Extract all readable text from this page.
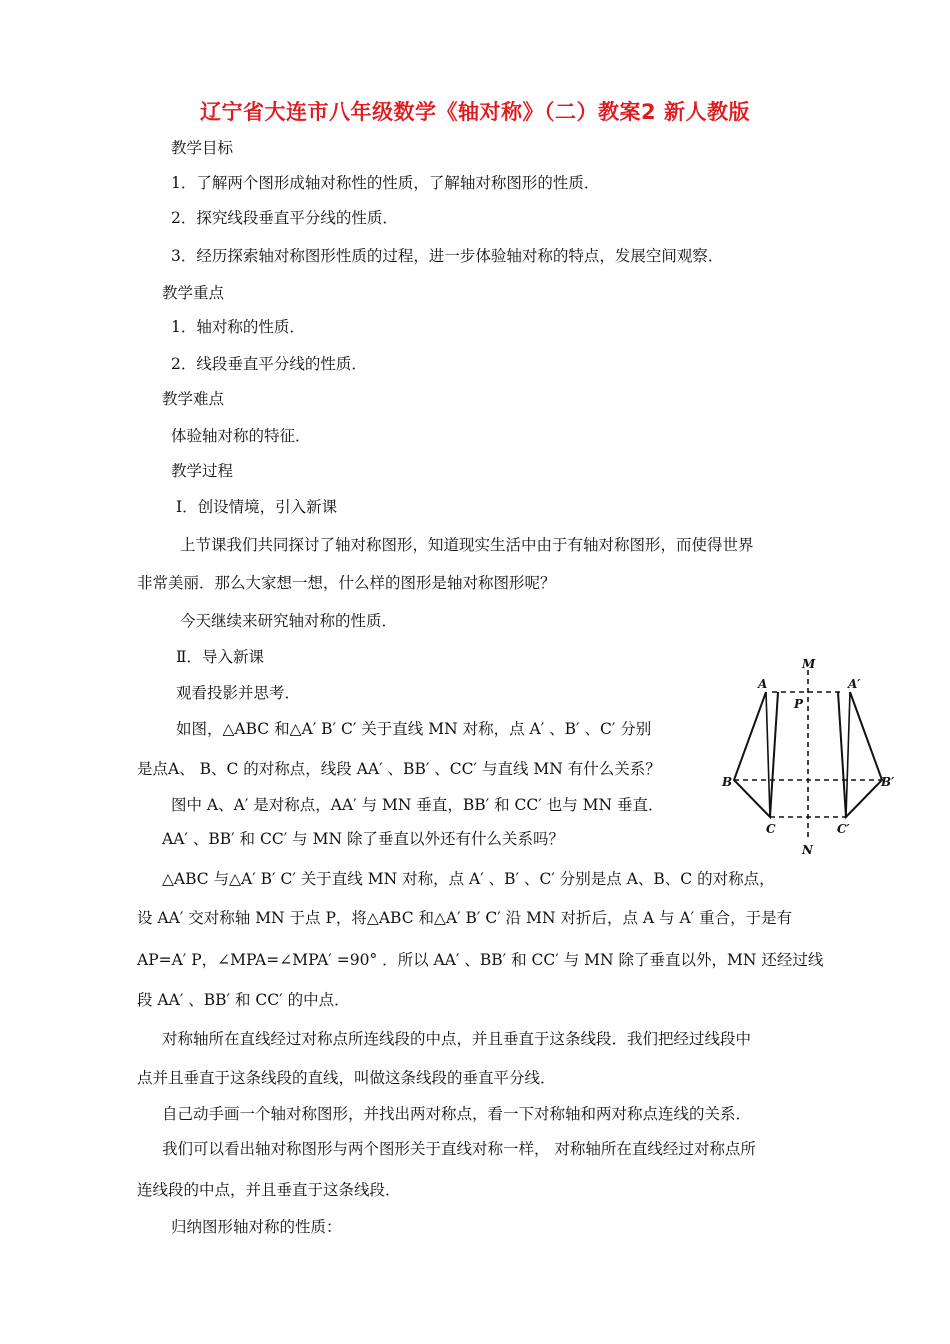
辽宁省大连市八年级数学《轴对称》（二）教案2 新人教版
教学目标
1．了解两个图形成轴对称性的性质，了解轴对称图形的性质．
2．探究线段垂直平分线的性质．
3．经历探索轴对称图形性质的过程，进一步体验轴对称的特点，发展空间观察．
教学重点
1．轴对称的性质．
2．线段垂直平分线的性质．
教学难点
体验轴对称的特征．
教学过程
Ⅰ．创设情境，引入新课
上节课我们共同探讨了轴对称图形，知道现实生活中由于有轴对称图形，而使得世界
非常美丽．那么大家想一想，什么样的图形是轴对称图形呢？
今天继续来研究轴对称的性质．
Ⅱ．导入新课
观看投影并思考．
如图，△ABC 和△A′ B′ C′ 关于直线 MN 对称，点 A′ 、B′ 、C′ 分别
是点A、 B、C 的对称点，线段 AA′ 、BB′ 、CC′ 与直线 MN 有什么关系？
图中 A、A′ 是对称点，AA′ 与 MN 垂直，BB′ 和 CC′ 也与 MN 垂直．
AA′ 、BB′ 和 CC′ 与 MN 除了垂直以外还有什么关系吗？
△ABC 与△A′ B′ C′ 关于直线 MN 对称，点 A′ 、B′ 、C′ 分别是点 A、B、C 的对称点，
设 AA′ 交对称轴 MN 于点 P，将△ABC 和△A′ B′ C′ 沿 MN 对折后，点 A 与 A′ 重合，于是有
AP=A′ P，∠MPA=∠MPA′ =90° ．所以 AA′ 、BB′ 和 CC′ 与 MN 除了垂直以外，MN 还经过线
段 AA′ 、BB′ 和 CC′ 的中点．
对称轴所在直线经过对称点所连线段的中点，并且垂直于这条线段．我们把经过线段中
点并且垂直于这条线段的直线，叫做这条线段的垂直平分线．
自己动手画一个轴对称图形，并找出两对称点，看一下对称轴和两对称点连线的关系．
我们可以看出轴对称图形与两个图形关于直线对称一样， 对称轴所在直线经过对称点所
连线段的中点，并且垂直于这条线段．
归纳图形轴对称的性质：
M
A	A′
P
B	B′
C	C′
N
